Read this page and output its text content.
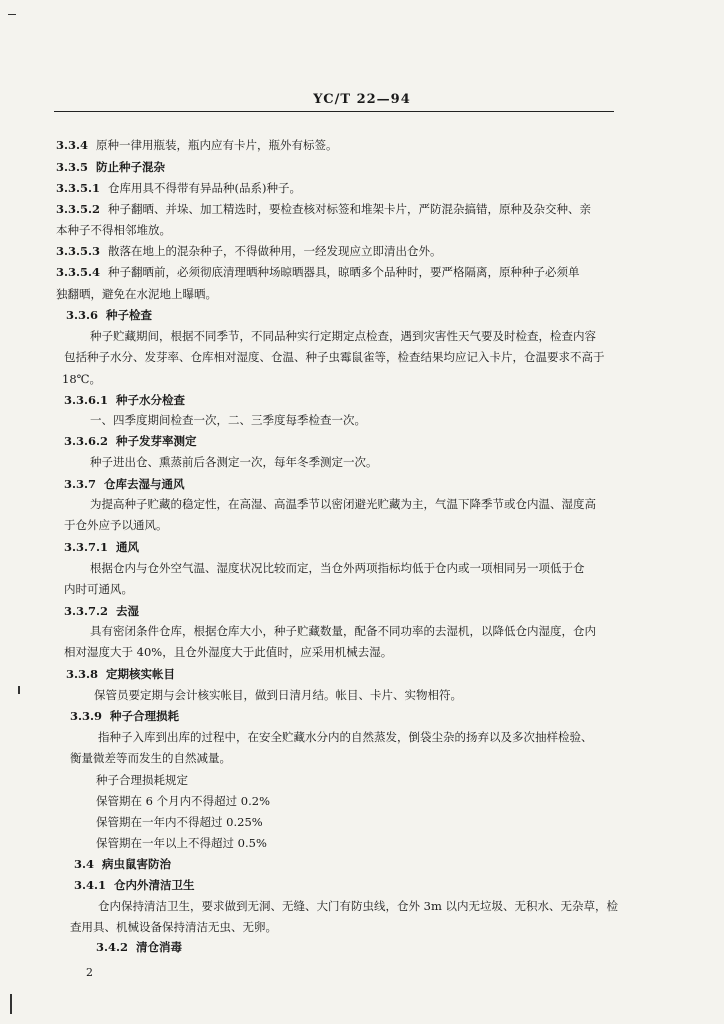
YC/T 22—94
3.3.4 原种一律用瓶装，瓶内应有卡片，瓶外有标签。
3.3.5 防止种子混杂
3.3.5.1 仓库用具不得带有异品种(品系)种子。
3.3.5.2 种子翻晒、并垛、加工精选时，要检查核对标签和堆架卡片，严防混杂搞错，原种及杂交种、亲
本种子不得相邻堆放。
3.3.5.3 散落在地上的混杂种子，不得做种用，一经发现应立即清出仓外。
3.3.5.4 种子翻晒前，必须彻底清理晒种场晾晒器具，晾晒多个品种时，要严格隔离，原种种子必须单
独翻晒，避免在水泥地上曝晒。
3.3.6 种子检查
种子贮藏期间，根据不同季节，不同品种实行定期定点检查，遇到灾害性天气要及时检查，检查内容
包括种子水分、发芽率、仓库相对湿度、仓温、种子虫霉鼠雀等，检查结果均应记入卡片，仓温要求不高于
18℃。
3.3.6.1 种子水分检查
一、四季度期间检查一次，二、三季度每季检查一次。
3.3.6.2 种子发芽率测定
种子进出仓、熏蒸前后各测定一次，每年冬季测定一次。
3.3.7 仓库去湿与通风
为提高种子贮藏的稳定性，在高湿、高温季节以密闭避光贮藏为主，气温下降季节或仓内温、湿度高
于仓外应予以通风。
3.3.7.1 通风
根据仓内与仓外空气温、湿度状况比较而定，当仓外两项指标均低于仓内或一项相同另一项低于仓
内时可通风。
3.3.7.2 去湿
具有密闭条件仓库，根据仓库大小，种子贮藏数量，配备不同功率的去湿机，以降低仓内湿度，仓内
相对湿度大于 40%，且仓外湿度大于此值时，应采用机械去湿。
3.3.8 定期核实帐目
保管员要定期与会计核实帐目，做到日清月结。帐目、卡片、实物相符。
3.3.9 种子合理损耗
指种子入库到出库的过程中，在安全贮藏水分内的自然蒸发，倒袋尘杂的扬弃以及多次抽样检验、
衡量微差等而发生的自然减量。
种子合理损耗规定
保管期在 6 个月内不得超过 0.2%
保管期在一年内不得超过 0.25%
保管期在一年以上不得超过 0.5%
3.4 病虫鼠害防治
3.4.1 仓内外清洁卫生
仓内保持清洁卫生，要求做到无洞、无缝、大门有防虫线，仓外 3m 以内无垃圾、无积水、无杂草，检
查用具、机械设备保持清洁无虫、无卵。
3.4.2 清仓消毒
2
